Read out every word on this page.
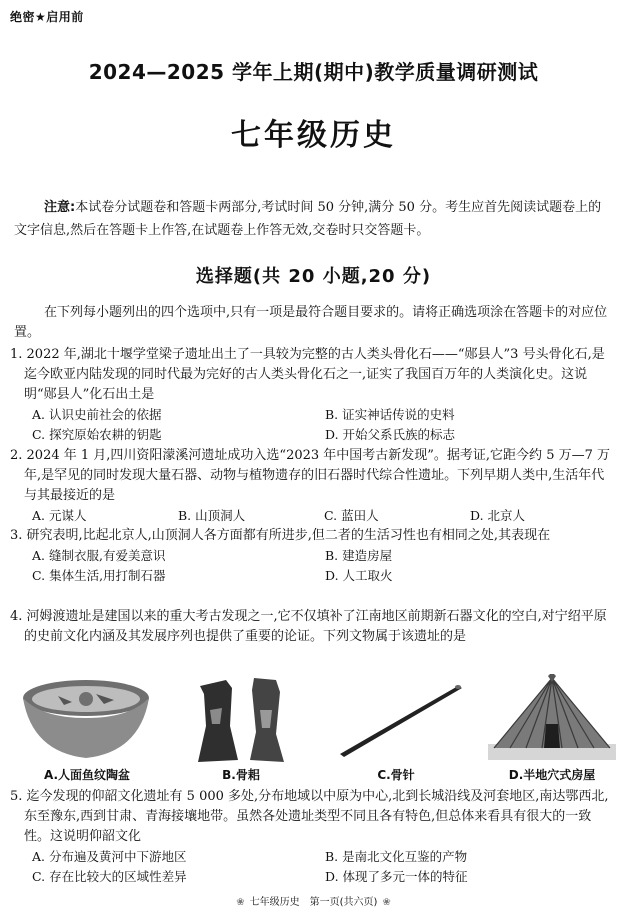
绝密★启用前
2024—2025 学年上期(期中)教学质量调研测试
七年级历史
注意:本试卷分试题卷和答题卡两部分,考试时间 50 分钟,满分 50 分。考生应首先阅读试题卷上的文字信息,然后在答题卡上作答,在试题卷上作答无效,交卷时只交答题卡。
选择题(共 20 小题,20 分)
在下列每小题列出的四个选项中,只有一项是最符合题目要求的。请将正确选项涂在答题卡的对应位置。
1. 2022 年,湖北十堰学堂梁子遗址出土了一具较为完整的古人类头骨化石——“郧县人”3 号头骨化石,是迄今欧亚内陆发现的同时代最为完好的古人类头骨化石之一,证实了我国百万年的人类演化史。这说明“郧县人”化石出土是
A. 认识史前社会的依据	B. 证实神话传说的史料
C. 探究原始农耕的钥匙	D. 开始父系氏族的标志
2. 2024 年 1 月,四川资阳濛溪河遗址成功入选“2023 年中国考古新发现”。据考证,它距今约 5 万—7 万年,是罕见的同时发现大量石器、动物与植物遗存的旧石器时代综合性遗址。下列早期人类中,生活年代与其最接近的是
A. 元谋人	B. 山顶洞人	C. 蓝田人	D. 北京人
3. 研究表明,比起北京人,山顶洞人各方面都有所进步,但二者的生活习性也有相同之处,其表现在
A. 缝制衣服,有爱美意识	B. 建造房屋
C. 集体生活,用打制石器	D. 人工取火
4. 河姆渡遗址是建国以来的重大考古发现之一,它不仅填补了江南地区前期新石器文化的空白,对宁绍平原的史前文化内涵及其发展序列也提供了重要的论证。下列文物属于该遗址的是
A.人面鱼纹陶盆	B.骨耜	C.骨针	D.半地穴式房屋
5. 迄今发现的仰韶文化遗址有 5 000 多处,分布地域以中原为中心,北到长城沿线及河套地区,南达鄂西北,东至豫东,西到甘肃、青海接壤地带。虽然各处遗址类型不同且各有特色,但总体来看具有很大的一致性。这说明仰韶文化
A. 分布遍及黄河中下游地区	B. 是南北文化互鉴的产物
C. 存在比较大的区域性差异	D. 体现了多元一体的特征
❀ 七年级历史　第一页(共六页) ❀
